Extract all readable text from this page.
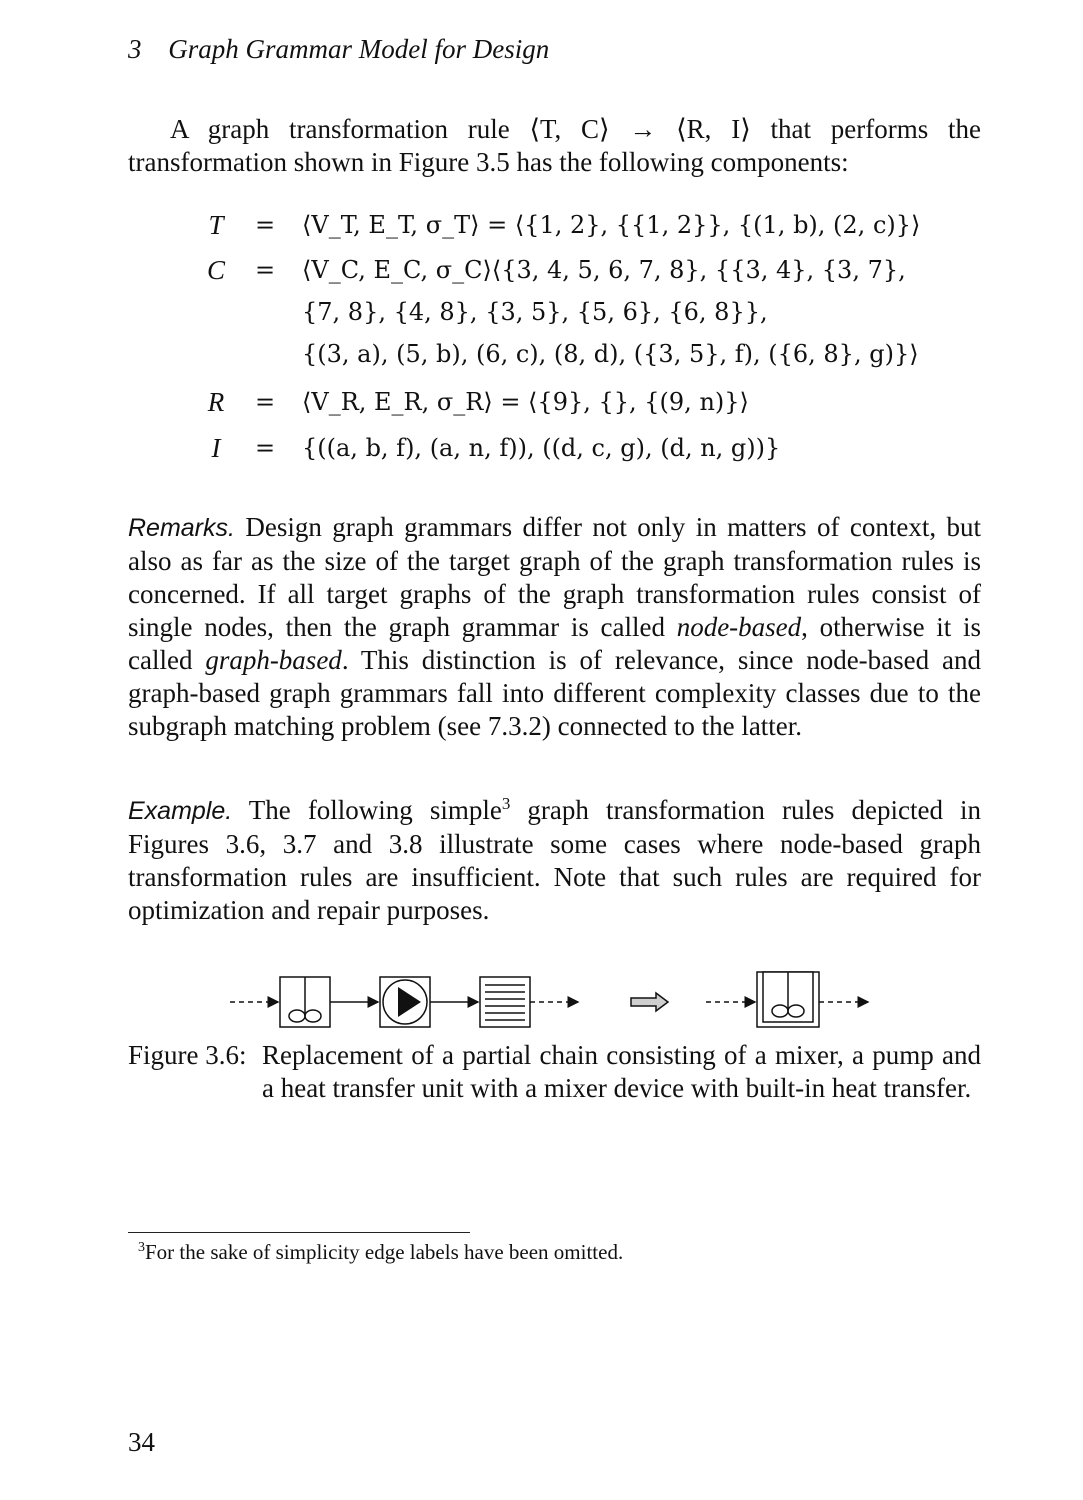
3 Graph Grammar Model for Design

A graph transformation rule ⟨T, C⟩ → ⟨R, I⟩ that performs the transformation shown in Figure 3.5 has the following components:

T = ⟨V_T, E_T, σ_T⟩ = ⟨{1, 2}, {{1, 2}}, {(1, b), (2, c)}⟩
C = ⟨V_C, E_C, σ_C⟩⟨{3, 4, 5, 6, 7, 8}, {{3, 4}, {3, 7},
{7, 8}, {4, 8}, {3, 5}, {5, 6}, {6, 8}},
{(3, a), (5, b), (6, c), (8, d), ({3, 5}, f), ({6, 8}, g)}⟩
R = ⟨V_R, E_R, σ_R⟩ = ⟨{9}, {}, {(9, n)}⟩
I	= {((a, b, f), (a, n, f)), ((d, c, g), (d, n, g))}

Remarks. Design graph grammars differ not only in matters of context, but also as far as the size of the target graph of the graph transformation rules is concerned. If all target graphs of the graph transformation rules consist of single nodes, then the graph grammar is called node-based, otherwise it is called graph-based. This distinction is of relevance, since node-based and graph-based graph grammars fall into different complexity classes due to the subgraph matching problem (see 7.3.2) connected to the latter.

Example. The following simple$^3$ graph transformation rules depicted in Figures 3.6, 3.7 and 3.8 illustrate some cases where node-based graph transformation rules are insufficient. Note that such rules are required for optimization and repair purposes.

Figure 3.6: Replacement of a partial chain consisting of a mixer, a pump and a heat transfer unit with a mixer device with built-in heat transfer.

$^3$For the sake of simplicity edge labels have been omitted.
34
